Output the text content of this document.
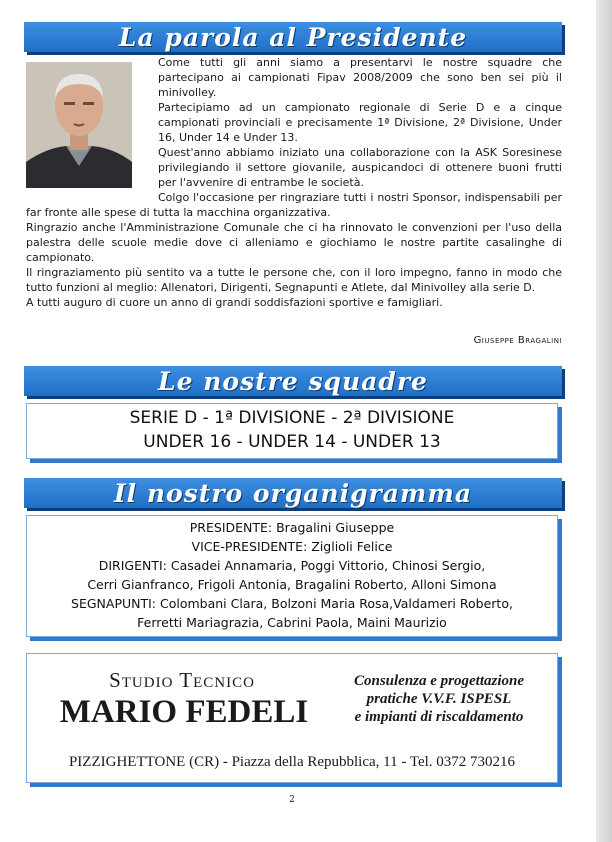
La parola al Presidente

Come tutti gli anni siamo a presentarvi le nostre squadre che partecipano ai campionati Fipav 2008/2009 che sono ben sei più il minivolley.

Partecipiamo ad un campionato regionale di Serie D e a cinque campionati provinciali e precisamente 1ª Divisione, 2ª Divisione, Under 16, Under 14 e Under 13.

Quest'anno abbiamo iniziato una collaborazione con la ASK Soresinese privilegiando il settore giovanile, auspicandoci di ottenere buoni frutti per l'avvenire di entrambe le società.

Colgo l'occasione per ringraziare tutti i nostri Sponsor, indispensabili per far fronte alle spese di tutta la macchina organizzativa.

Ringrazio anche l'Amministrazione Comunale che ci ha rinnovato le convenzioni per l'uso della palestra delle scuole medie dove ci alleniamo e giochiamo le nostre partite casalinghe di campionato.

Il ringraziamento più sentito va a tutte le persone che, con il loro impegno, fanno in modo che tutto funzioni al meglio: Allenatori, Dirigenti, Segnapunti e Atlete, dal Minivolley alla serie D.

A tutti auguro di cuore un anno di grandi soddisfazioni sportive e famigliari.

Giuseppe Bragalini
Le nostre squadre
SERIE D - 1ª DIVISIONE - 2ª DIVISIONE
UNDER 16 - UNDER 14 - UNDER 13
Il nostro organigramma
PRESIDENTE: Bragalini Giuseppe
VICE-PRESIDENTE: Ziglioli Felice
DIRIGENTI: Casadei Annamaria, Poggi Vittorio, Chinosi Sergio,
Cerri Gianfranco, Frigoli Antonia, Bragalini Roberto, Alloni Simona
SEGNAPUNTI: Colombani Clara, Bolzoni Maria Rosa,Valdameri Roberto,
Ferretti Mariagrazia, Cabrini Paola, Maini Maurizio
Studio Tecnico
MARIO FEDELI
Consulenza e progettazione
pratiche V.V.F. ISPESL
e impianti di riscaldamento
PIZZIGHETTONE (CR) - Piazza della Repubblica, 11 - Tel. 0372 730216
2
